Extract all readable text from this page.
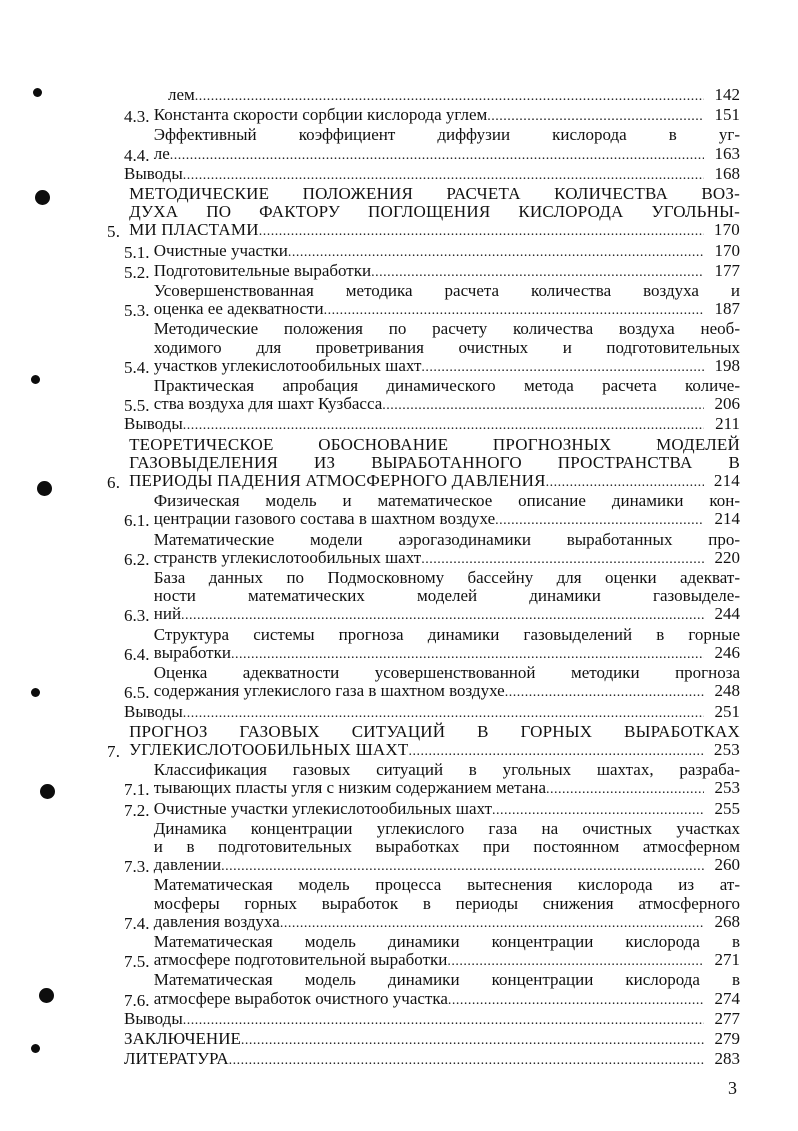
лем .....	142
4.3. Константа скорости сорбции кислорода углем .....	151
4.4.
Эффективный коэффициент диффузии кислорода в уг-
ле .....	163
Выводы .....	168
5.
МЕТОДИЧЕСКИЕ ПОЛОЖЕНИЯ РАСЧЕТА КОЛИЧЕСТВА ВОЗ-
ДУХА ПО ФАКТОРУ ПОГЛОЩЕНИЯ КИСЛОРОДА УГОЛЬНЫ-
МИ ПЛАСТАМИ .....	170
5.1. Очистные участки .....	170
5.2. Подготовительные выработки .....	177
5.3.
Усовершенствованная методика расчета количества воздуха и
оценка ее адекватности .....	187
5.4.
Методические положения по расчету количества воздуха необ-
ходимого для проветривания очистных и подготовительных
участков углекислотообильных шахт .....	198
5.5.
Практическая апробация динамического метода расчета количе-
ства воздуха для шахт Кузбасса .....	206
Выводы .....	211
6.
ТЕОРЕТИЧЕСКОЕ ОБОСНОВАНИЕ ПРОГНОЗНЫХ МОДЕЛЕЙ
ГАЗОВЫДЕЛЕНИЯ ИЗ ВЫРАБОТАННОГО ПРОСТРАНСТВА В
ПЕРИОДЫ ПАДЕНИЯ АТМОСФЕРНОГО ДАВЛЕНИЯ .....	214
6.1.
Физическая модель и математическое описание динамики кон-
центрации газового состава в шахтном воздухе .....	214
6.2.
Математические модели аэрогазодинамики выработанных про-
странств углекислотообильных шахт .....	220
6.3.
База данных по Подмосковному бассейну для оценки адекват-
ности математических моделей динамики газовыделе-
ний .....	244
6.4.
Структура системы прогноза динамики газовыделений в горные
выработки .....	246
6.5.
Оценка адекватности усовершенствованной методики прогноза
содержания углекислого газа в шахтном воздухе .....	248
Выводы .....	251
7.
ПРОГНОЗ ГАЗОВЫХ СИТУАЦИЙ В ГОРНЫХ ВЫРАБОТКАХ
УГЛЕКИСЛОТООБИЛЬНЫХ ШАХТ .....	253
7.1.
Классификация газовых ситуаций в угольных шахтах, разраба-
тывающих пласты угля с низким содержанием метана .....	253
7.2. Очистные участки углекислотообильных шахт .....	255
7.3.
Динамика концентрации углекислого газа на очистных участках
и в подготовительных выработках при постоянном атмосферном
давлении .....	260
7.4.
Математическая модель процесса вытеснения кислорода из ат-
мосферы горных выработок в периоды снижения атмосферного
давления воздуха .....	268
7.5.
Математическая модель динамики концентрации кислорода в
атмосфере подготовительной выработки .....	271
7.6.
Математическая модель динамики концентрации кислорода в
атмосфере выработок очистного участка .....	274
Выводы .....	277
ЗАКЛЮЧЕНИЕ .....	279
ЛИТЕРАТУРА .....	283
3
